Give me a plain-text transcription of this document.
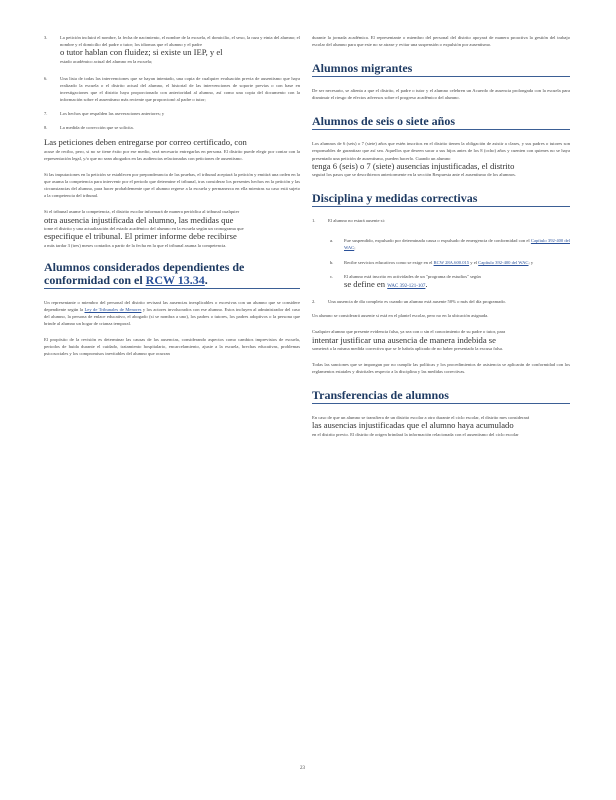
3.	La petición incluirá el nombre, la fecha de nacimiento, el nombre de la escuela, el domicilio, el sexo, la raza y etnia del alumno; el nombre y el domicilio del padre o tutor; los idiomas que el alumno y el padre

o tutor hablan con fluidez; si existe un IEP, y el

estado académico actual del alumno en la escuela;

6.	Una lista de todas las intervenciones que se hayan intentado, una copia de cualquier evaluación previa de ausentismo que haya realizado la escuela o el distrito actual del alumno, el historial de las intervenciones de soporte previas o con base en investigaciones que el distrito haya proporcionado con anterioridad al alumno, así como una copia del documento con la información sobre el ausentismo más reciente que proporcionó al padre o tutor;

7.	Los hechos que respalden las aseveraciones anteriores; y

8.	La medida de corrección que se solicita.

Las peticiones deben entregarse por correo certificado, con

acuse de recibo, pero, si no se tiene éxito por ese medio, será necesario entregarlas en persona. El distrito puede elegir por contar con la representación legal, y/o que no sean abogados en las audiencias relacionadas con peticiones de ausentismo.

Si las imputaciones en la petición se establecen por preponderancia de las pruebas, el tribunal aceptará la petición y emitirá una orden en la que asuma la competencia para intervenir por el periodo que determine el tribunal, tras considerar los presentes hechos en la petición y las circunstancias del alumno, para hacer probablemente que el alumno regrese a la escuela y permanezca en ella mientras su caso está sujeto a la competencia del tribunal.

Si el tribunal asume la competencia, el distrito escolar informará de manera periódica al tribunal cualquier

otra ausencia injustificada del alumno, las medidas que

tome el distrito y una actualización del estado académico del alumno en la escuela según un cronograma que

especifique el tribunal. El primer informe debe recibirse

a más tardar 3 (tres) meses contados a partir de la fecha en la que el tribunal asuma la competencia.

Alumnos considerados dependientes de conformidad con el RCW 13.34.

Un representante o miembro del personal del distrito revisará las ausencias inexplicables o excesivas con un alumno que se considere dependiente según la Ley de Tribunales de Menores y los actores involucrados con ese alumno. Estos incluyen al administrador del caso del alumno, la persona de enlace educativo, el abogado (si se nombra a uno), los padres o tutores, los padres adoptivos o la persona que brinde al alumno un hogar de crianza temporal.

El propósito de la revisión es determinar las causas de las ausencias, considerando aspectos como cambios imprevistos de escuela, periodos de huida durante el cuidado, tratamiento hospitalario, encarcelamiento, ajuste a la escuela, brechas educativas, problemas psicosociales y los compromisos inevitables del alumno que ocurran

durante la jornada académica. El representante o miembro del personal del distrito apoyará de manera proactiva la gestión del trabajo escolar del alumno para que este no se atrase y evitar una suspensión o expulsión por ausentismo.

Alumnos migrantes

De ser necesario, se alienta a que el distrito, el padre o tutor y el alumno celebren un Acuerdo de ausencia prolongada con la escuela para disminuir el riesgo de efectos adversos sobre el progreso académico del alumno.

Alumnos de seis o siete años

Los alumnos de 6 (seis) o 7 (siete) años que estén inscritos en el distrito tienen la obligación de asistir a clases, y sus padres o tutores son responsables de garantizar que así sea. Aquellos que deseen sacar a sus hijos antes de los 8 (ocho) años y cuenten con quienes no se haya presentado una petición de ausentismo, pueden hacerlo. Cuando un alumno

tenga 6 (seis) o 7 (siete) ausencias injustificadas, el distrito

seguirá los pasos que se describieron anteriormente en la sección Respuesta ante el ausentismo de los alumnos.

Disciplina y medidas correctivas
1.	El alumno no estará ausente si:

a.	Fue suspendido, expulsado por determinada causa o expulsado de emergencia de conformidad con el Capítulo 392-400 del WAC;

b.	Recibe servicios educativos como se exige en el RCW 28A.600.015 y el Capítulo 392-400 del WAC; y

c.	El alumno está inscrito en actividades de un "programa de estudios" según

se define en WAC 392-121-107.

2.	Una ausencia de día completo es cuando un alumno está ausente 50% o más del día programado.

Un alumno se considerará ausente si está en el plantel escolar, pero no en la ubicación asignada.

Cualquier alumno que presente evidencia falsa, ya sea con o sin el conocimiento de su padre o tutor, para

intentar justificar una ausencia de manera indebida se

someterá a la misma medida correctiva que se le habría aplicado de no haber presentado la excusa falsa.

Todas las sanciones que se impongan por no cumplir las políticas y los procedimientos de asistencia se aplicarán de conformidad con los reglamentos estatales y distritales respecto a la disciplina y las medidas correctivas.

Transferencias de alumnos

En caso de que un alumno se transfiera de un distrito escolar a otro durante el ciclo escolar, el distrito mes considerará

las ausencias injustificadas que el alumno haya acumulado

en el distrito previo. El distrito de origen brindará la información relacionada con el ausentismo del ciclo escolar

23
